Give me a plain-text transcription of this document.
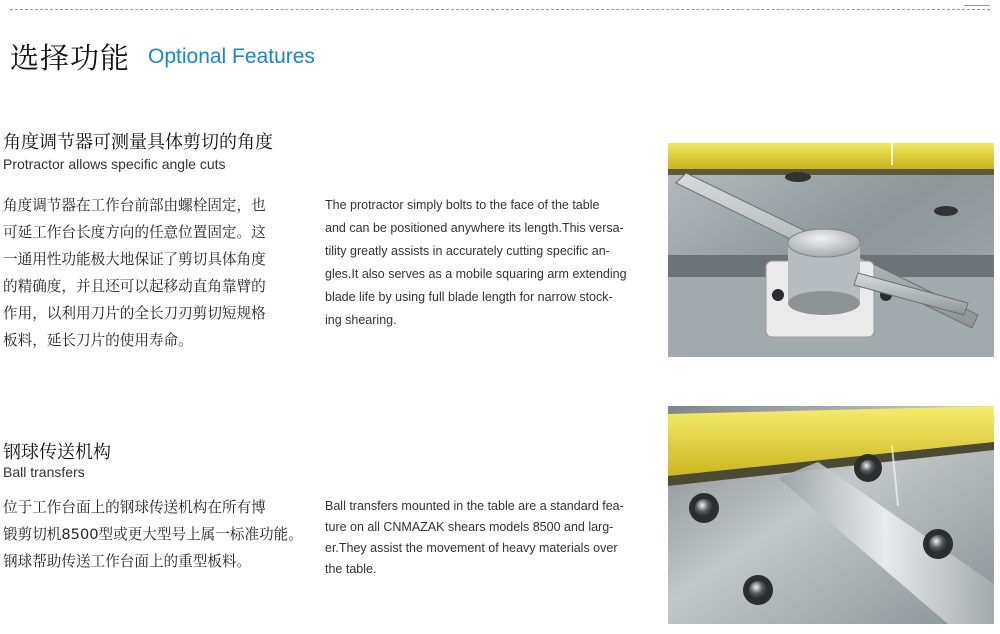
选择功能 Optional Features
角度调节器可测量具体剪切的角度
Protractor allows specific angle cuts
角度调节器在工作台前部由螺栓固定，也
可延工作台长度方向的任意位置固定。这
一通用性功能极大地保证了剪切具体角度
的精确度，并且还可以起移动直角靠臂的
作用，以利用刀片的全长刀刃剪切短规格
板料，延长刀片的使用寿命。
The protractor simply bolts to the face of the table
and can be positioned anywhere its length.This versa-
tility greatly assists in accurately cutting specific an-
gles.It also serves as a mobile squaring arm extending
blade life by using full blade length for narrow stock-
ing shearing.
钢球传送机构
Ball transfers
位于工作台面上的钢球传送机构在所有博
锻剪切机8500型或更大型号上属一标准功能。
钢球帮助传送工作台面上的重型板料。
Ball transfers mounted in the table are a standard fea-
ture on all CNMAZAK shears models 8500 and larg-
er.They assist the movement of heavy materials over
the table.
